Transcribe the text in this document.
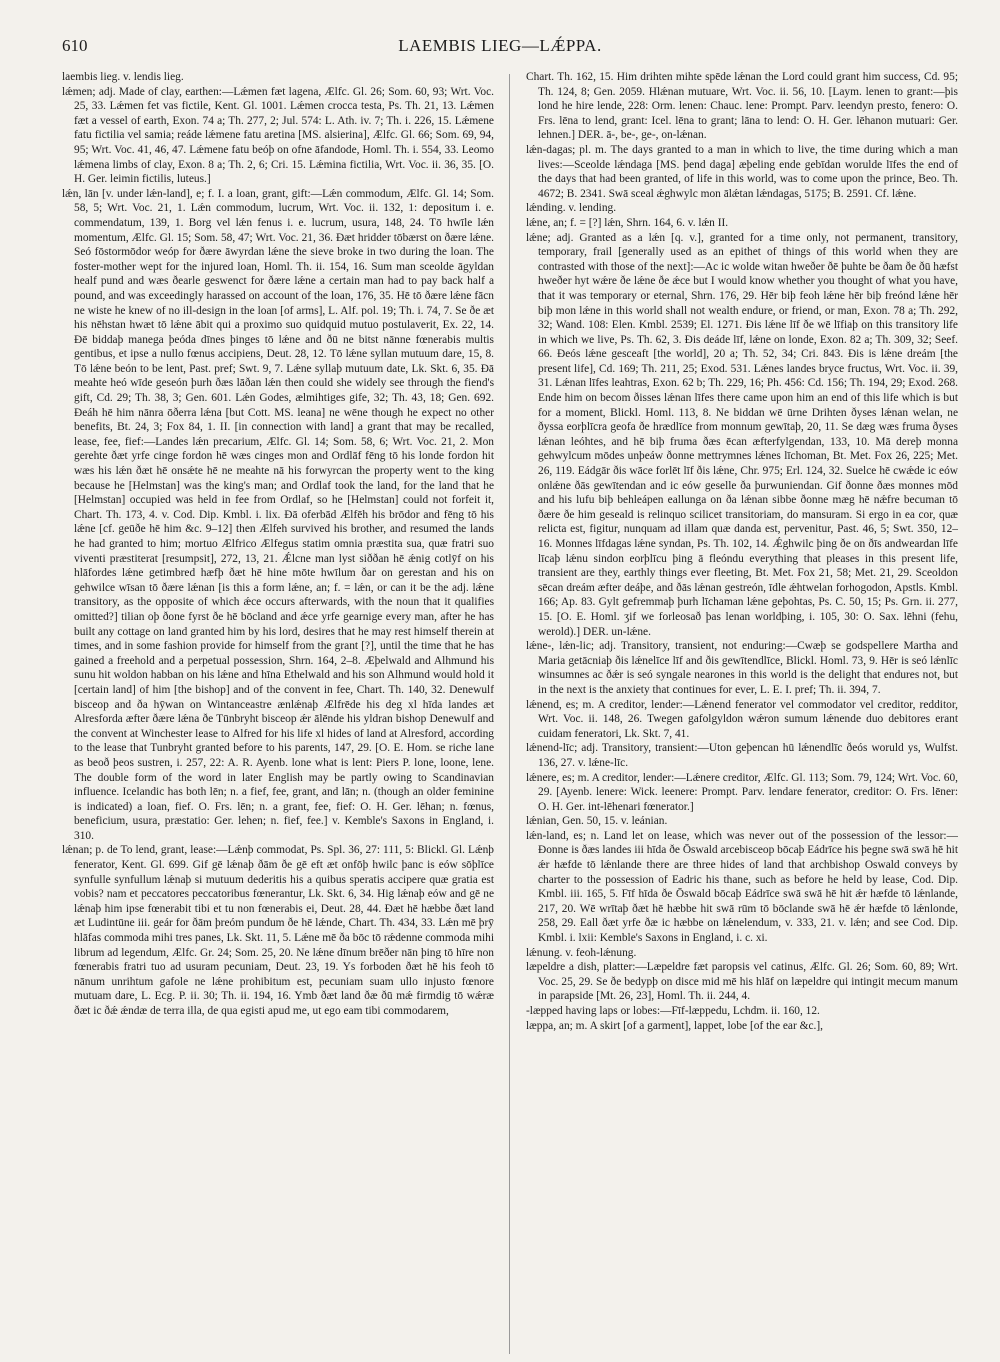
610	LAEMBIS LIEG—LǼPPA.

laembis lieg. v. lendis lieg.

lǽmen; adj. Made of clay, earthen:—Lǽmen fæt lagena, Ælfc. Gl. 26; Som. 60, 93; Wrt. Voc. 25, 33. Lǽmen fet vas fictile, Kent. Gl. 1001. Lǽmen crocca testa, Ps. Th. 21, 13. Lǽmen fæt a vessel of earth, Exon. 74 a; Th. 277, 2; Jul. 574: L. Ath. iv. 7; Th. i. 226, 15. Lǽmene fatu fictilia vel samia; reáde lǽmene fatu aretina [MS. alsierina], Ælfc. Gl. 66; Som. 69, 94, 95; Wrt. Voc. 41, 46, 47. Lǽmene fatu beóþ on ofne āfandode, Homl. Th. i. 554, 33. Leomo lǽmena limbs of clay, Exon. 8 a; Th. 2, 6; Cri. 15. Lǽmina fictilia, Wrt. Voc. ii. 36, 35. [O. H. Ger. leimin fictilis, luteus.]

lǽn, lān [v. under lǽn-land], e; f. I. a loan, grant, gift:—Lǽn commodum, Ælfc. Gl. 14; Som. 58, 5; Wrt. Voc. 21, 1. Lǽn commodum, lucrum, Wrt. Voc. ii. 132, 1: depositum i. e. commendatum, 139, 1. Borg vel lǽn fenus i. e. lucrum, usura, 148, 24. Tō hwīle lǽn momentum, Ælfc. Gl. 15; Som. 58, 47; Wrt. Voc. 21, 36. Ðæt hridder tōbærst on ðære lǽne. Seó fōstormōdor weóp for ðære āwyrdan lǽne the sieve broke in two during the loan. The foster-mother wept for the injured loan, Homl. Th. ii. 154, 16. Sum man sceolde āgyldan healf pund and wæs ðearle geswenct for ðære lǽne a certain man had to pay back half a pound, and was exceedingly harassed on account of the loan, 176, 35. Hē tō ðære lǽne fācn ne wiste he knew of no ill-design in the loan [of arms], L. Alf. pol. 19; Th. i. 74, 7. Se ðe æt his nēhstan hwæt tō lǽne ābit qui a proximo suo quidquid mutuo postulaverit, Ex. 22, 14. Ðē biddaþ manega þeóda dīnes þinges tō lǽne and ðū ne bitst nānne fœnerabis multis gentibus, et ipse a nullo fœnus accipiens, Deut. 28, 12. Tō lǽne syllan mutuum dare, 15, 8. Tō lǽne beón to be lent, Past. pref; Swt. 9, 7. Lǽne syllaþ mutuum date, Lk. Skt. 6, 35. Ðā meahte heó wīde geseón þurh ðæs lāðan lǽn then could she widely see through the fiend's gift, Cd. 29; Th. 38, 3; Gen. 601. Lǽn Godes, ælmihtiges gife, 32; Th. 43, 18; Gen. 692. Ðeáh hē him nānra ōðerra lǽna [but Cott. MS. leana] ne wēne though he expect no other benefits, Bt. 24, 3; Fox 84, 1. II. [in connection with land] a grant that may be recalled, lease, fee, fief:—Landes lǽn precarium, Ælfc. Gl. 14; Som. 58, 6; Wrt. Voc. 21, 2. Mon gerehte ðæt yrfe cinge fordon hē wæs cinges mon and Ordlāf fēng tō his londe fordon hit wæs his lǽn ðæt hē onsǽte hē ne meahte nā his forwyrcan the property went to the king because he [Helmstan] was the king's man; and Ordlaf took the land, for the land that he [Helmstan] occupied was held in fee from Ordlaf, so he [Helmstan] could not forfeit it, Chart. Th. 173, 4. v. Cod. Dip. Kmbl. i. lix. Ðā oferbād Ælfēh his brōdor and fēng tō his lǽne [cf. geūðe hē him &c. 9–12] then Ælfeh survived his brother, and resumed the lands he had granted to him; mortuo Ælfrico Ælfegus statim omnia præstita sua, quæ fratri suo viventi præstiterat [resumpsit], 272, 13, 21. Ǽlcne man lyst siððan hē ǽnig cotlȳf on his hlāfordes lǽne getimbred hæfþ ðæt hē hine mōte hwīlum ðar on gerestan and his on gehwilce wīsan tō ðære lǽnan [is this a form lǽne, an; f. = lǽn, or can it be the adj. lǽne transitory, as the opposite of which ǽce occurs afterwards, with the noun that it qualifies omitted?] tilian oþ ðone fyrst ðe hē bōcland and ǽce yrfe gearnige every man, after he has built any cottage on land granted him by his lord, desires that he may rest himself therein at times, and in some fashion provide for himself from the grant [?], until the time that he has gained a freehold and a perpetual possession, Shrn. 164, 2–8. Æþelwald and Alhmund his sunu hit woldon habban on his lǽne and hīna Ethelwald and his son Alhmund would hold it [certain land] of him [the bishop] and of the convent in fee, Chart. Th. 140, 32. Denewulf bisceop and ða hȳwan on Wintanceastre ænlǽnaþ Ælfrēde his deg xl hīda landes æt Alresforda æfter ðære lǽna ðe Tūnbryht bisceop ǽr ālēnde his yldran bishop Denewulf and the convent at Winchester lease to Alfred for his life xl hides of land at Alresford, according to the lease that Tunbryht granted before to his parents, 147, 29. [O. E. Hom. se riche lane as beoð þeos sustren, i. 257, 22: A. R. Ayenb. lone what is lent: Piers P. lone, loone, lene. The double form of the word in later English may be partly owing to Scandinavian influence. Icelandic has both lēn; n. a fief, fee, grant, and lān; n. (though an older feminine is indicated) a loan, fief. O. Frs. lēn; n. a grant, fee, fief: O. H. Ger. lēhan; n. fœnus, beneficium, usura, præstatio: Ger. lehen; n. fief, fee.] v. Kemble's Saxons in England, i. 310.

lǽnan; p. de To lend, grant, lease:—Lǽnþ commodat, Ps. Spl. 36, 27: 111, 5: Blickl. Gl. Lǽnþ fenerator, Kent. Gl. 699. Gif gē lǽnaþ ðām ðe gē eft æt onfōþ hwilc þanc is eów sōþlīce synfulle synfullum lǽnaþ si mutuum dederitis his a quibus speratis accipere quæ gratia est vobis? nam et peccatores peccatoribus fœnerantur, Lk. Skt. 6, 34. Hig lǽnaþ eów and gē ne lǽnaþ him ipse fœnerabit tibi et tu non fœnerabis ei, Deut. 28, 44. Ðæt hē hæbbe ðæt land æt Ludintūne iii. geár for ðām þreóm pundum ðe hē lǽnde, Chart. Th. 434, 33. Lǽn mē þrȳ hlāfas commoda mihi tres panes, Lk. Skt. 11, 5. Lǽne mē ða bōc tō rǽdenne commoda mihi librum ad legendum, Ælfc. Gr. 24; Som. 25, 20. Ne lǽne dīnum brēðer nān þing tō hīre non fœnerabis fratri tuo ad usuram pecuniam, Deut. 23, 19. Ys forboden ðæt hē his feoh tō nānum unrihtum gafole ne lǽne prohibitum est, pecuniam suam ullo injusto fœnore mutuam dare, L. Ecg. P. ii. 30; Th. ii. 194, 16. Ymb ðæt land ðæ ðū mǽ firmdig tō wǽræ ðæt ic ðǽ ǽndæ de terra illa, de qua egisti apud me, ut ego eam tibi commodarem,

Chart. Th. 162, 15. Him drihten mihte spēde lǽnan the Lord could grant him success, Cd. 95; Th. 124, 8; Gen. 2059. Hlǽnan mutuare, Wrt. Voc. ii. 56, 10. [Laym. lenen to grant:—þis lond he hire lende, 228: Orm. lenen: Chauc. lene: Prompt. Parv. leendyn presto, fenero: O. Frs. lēna to lend, grant: Icel. lēna to grant; lāna to lend: O. H. Ger. lēhanon mutuari: Ger. lehnen.] DER. ā-, be-, ge-, on-lǽnan.

lǽn-dagas; pl. m. The days granted to a man in which to live, the time during which a man lives:—Sceolde lǽndaga [MS. þend daga] æþeling ende gebīdan worulde līfes the end of the days that had been granted, of life in this world, was to come upon the prince, Beo. Th. 4672; B. 2341. Swā sceal ǽghwylc mon ālǽtan lǽndagas, 5175; B. 2591. Cf. lǽne.

lǽnding. v. lending.

lǽne, an; f. = [?] lǽn, Shrn. 164, 6. v. lǽn II.

lǽne; adj. Granted as a lǽn [q. v.], granted for a time only, not permanent, transitory, temporary, frail [generally used as an epithet of things of this world when they are contrasted with those of the next]:—Ac ic wolde witan hweðer ðē þuhte be ðam ðe ðū hæfst hweðer hyt wǽre ðe lǽne ðe ǽce but I would know whether you thought of what you have, that it was temporary or eternal, Shrn. 176, 29. Hēr biþ feoh lǽne hēr biþ freónd lǽne hēr biþ mon lǽne in this world shall not wealth endure, or friend, or man, Exon. 78 a; Th. 292, 32; Wand. 108: Elen. Kmbl. 2539; El. 1271. Ðis lǽne līf ðe wē līfiaþ on this transitory life in which we live, Ps. Th. 62, 3. Ðis deáde līf, lǽne on londe, Exon. 82 a; Th. 309, 32; Seef. 66. Ðeós lǽne gesceaft [the world], 20 a; Th. 52, 34; Cri. 843. Ðis is lǽne dreám [the present life], Cd. 169; Th. 211, 25; Exod. 531. Lǽnes landes bryce fructus, Wrt. Voc. ii. 39, 31. Lǽnan līfes leahtras, Exon. 62 b; Th. 229, 16; Ph. 456: Cd. 156; Th. 194, 29; Exod. 268. Ende him on becom ðisses lǽnan līfes there came upon him an end of this life which is but for a moment, Blickl. Homl. 113, 8. Ne biddan wē ūrne Drihten ðyses lǽnan welan, ne ðyssa eorþlīcra geofa ðe hrædlīce from monnum gewītaþ, 20, 11. Se dæg wæs fruma ðyses lǽnan leóhtes, and hē biþ fruma ðæs ēcan æfterfylgendan, 133, 10. Mā dereþ monna gehwylcum mōdes unþeáw ðonne mettrymnes lǽnes līchoman, Bt. Met. Fox 26, 225; Met. 26, 119. Eádgār ðis wāce forlēt līf ðis lǽne, Chr. 975; Erl. 124, 32. Suelce hē cwǽde ic eów onlǽne ðās gewītendan and ic eów geselle ða þurwuniendan. Gif ðonne ðæs monnes mōd and his lufu biþ behleápen eallunga on ða lǽnan sibbe ðonne mæg hē nǽfre becuman tō ðære ðe him geseald is relinquo scilicet transitoriam, do mansuram. Si ergo in ea cor, quæ relicta est, figitur, nunquam ad illam quæ danda est, pervenitur, Past. 46, 5; Swt. 350, 12–16. Monnes līfdagas lǽne syndan, Ps. Th. 102, 14. Ǽghwilc þing ðe on ðīs andweardan līfe līcaþ lǽnu sindon eorþlīcu þing ā fleóndu everything that pleases in this present life, transient are they, earthly things ever fleeting, Bt. Met. Fox 21, 58; Met. 21, 29. Sceoldon sēcan dreám æfter deáþe, and ðās lǽnan gestreón, īdle ǽhtwelan forhogodon, Apstls. Kmbl. 166; Ap. 83. Gylt gefremmaþ þurh līchaman lǽne geþohtas, Ps. C. 50, 15; Ps. Grn. ii. 277, 15. [O. E. Homl. ʒif we forleosað þas lenan worldþing, i. 105, 30: O. Sax. lēhni (fehu, werold).] DER. un-lǽne.

lǽne-, lǽn-lic; adj. Transitory, transient, not enduring:—Cwæþ se godspellere Martha and Maria getācniaþ ðis lǽnelīce līf and ðis gewītendlīce, Blickl. Homl. 73, 9. Hēr is seó lǽnlīc winsumnes ac ðǽr is seó syngale nearones in this world is the delight that endures not, but in the next is the anxiety that continues for ever, L. E. I. pref; Th. ii. 394, 7.

lǽnend, es; m. A creditor, lender:—Lǽnend fenerator vel commodator vel creditor, redditor, Wrt. Voc. ii. 148, 26. Twegen gafolgyldon wǽron sumum lǽnende duo debitores erant cuidam feneratori, Lk. Skt. 7, 41.

lǽnend-līc; adj. Transitory, transient:—Uton geþencan hū lǽnendlīc ðeós woruld ys, Wulfst. 136, 27. v. lǽne-līc.

lǽnere, es; m. A creditor, lender:—Lǽnere creditor, Ælfc. Gl. 113; Som. 79, 124; Wrt. Voc. 60, 29. [Ayenb. lenere: Wick. leenere: Prompt. Parv. lendare fenerator, creditor: O. Frs. lēner: O. H. Ger. int-lēhenari fœnerator.]

lǽnian, Gen. 50, 15. v. leánian.

lǽn-land, es; n. Land let on lease, which was never out of the possession of the lessor:—Ðonne is ðæs landes iii hīda ðe Ōswald arcebisceop bōcaþ Eádrīce his þegne swā swā hē hit ǽr hæfde tō lǽnlande there are three hides of land that archbishop Oswald conveys by charter to the possession of Eadric his thane, such as before he held by lease, Cod. Dip. Kmbl. iii. 165, 5. Fīf hīda ðe Ōswald bōcaþ Eádrīce swā swā hē hit ǽr hæfde tō lǽnlande, 217, 20. Wē wrītaþ ðæt hē hæbbe hit swā rūm tō bōclande swā hē ǽr hæfde tō lǽnlonde, 258, 29. Eall ðæt yrfe ðæ ic hæbbe on lǽnelendum, v. 333, 21. v. lǽn; and see Cod. Dip. Kmbl. i. lxii: Kemble's Saxons in England, i. c. xi.

lǽnung. v. feoh-lǽnung.

læpeldre a dish, platter:—Læpeldre fæt paropsis vel catinus, Ælfc. Gl. 26; Som. 60, 89; Wrt. Voc. 25, 29. Se ðe bedypþ on disce mid mē his hlāf on læpeldre qui intingit mecum manum in parapside [Mt. 26, 23], Homl. Th. ii. 244, 4.

-læpped having laps or lobes:—Fīf-læppedu, Lchdm. ii. 160, 12.

læppa, an; m. A skirt [of a garment], lappet, lobe [of the ear &c.],
